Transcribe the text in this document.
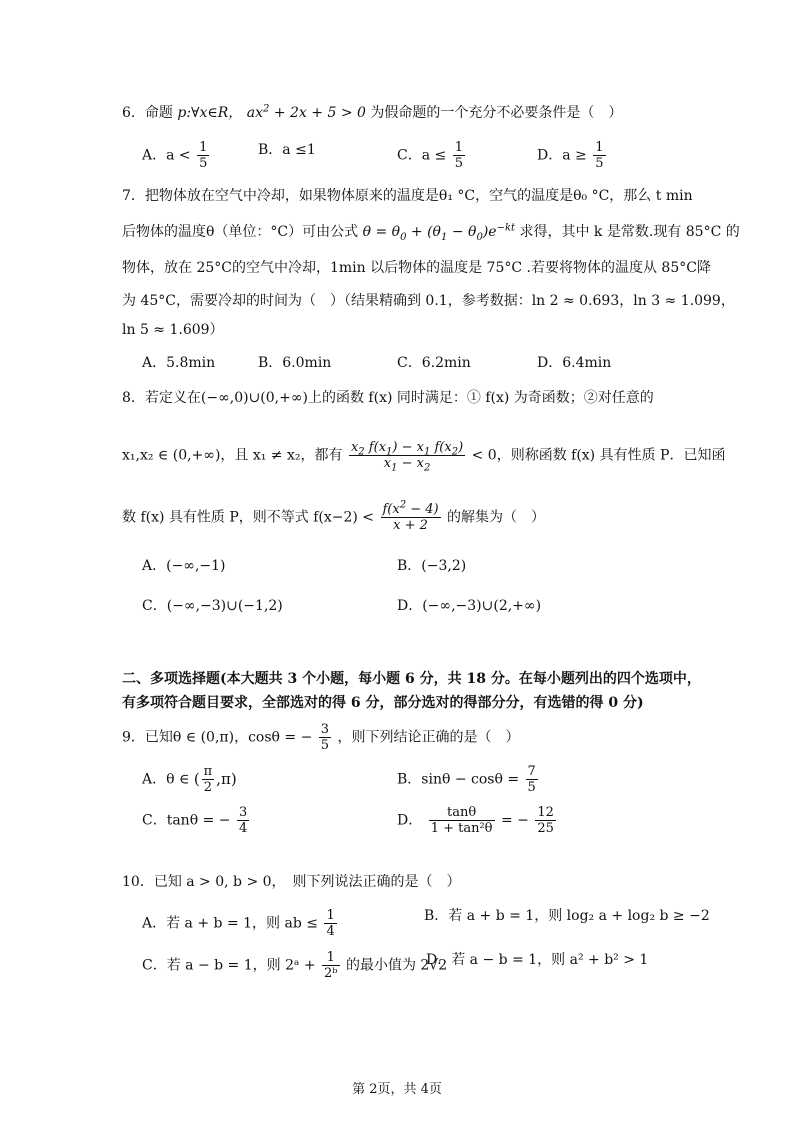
6．命题 p:∀x∈R， $ax^2 + 2x + 5 > 0$ 为假命题的一个充分不必要条件是（　）
A．$a < \frac{1}{5}$	B．a ≤1	C．$a \le \frac{1}{5}$	D．$a \ge \frac{1}{5}$
7．把物体放在空气中冷却，如果物体原来的温度是θ₁ °C，空气的温度是θ₀ °C，那么 t min
后物体的温度θ（单位：°C）可由公式 $\theta = \theta_0 + (\theta_1 - \theta_0)e^{-kt}$ 求得，其中 k 是常数.现有 85°C 的
物体，放在 25°C的空气中冷却，1min 以后物体的温度是 75°C .若要将物体的温度从 85°C降
为 45°C，需要冷却的时间为（　）（结果精确到 0.1，参考数据：ln 2 ≈ 0.693，ln 3 ≈ 1.099，
ln 5 ≈ 1.609）
A．5.8min	B．6.0min	C．6.2min	D．6.4min
8．若定义在(−∞,0)∪(0,+∞)上的函数 f(x) 同时满足：① f(x) 为奇函数；②对任意的
x₁,x₂ ∈ (0,+∞)，且 x₁ ≠ x₂，都有 $\frac{x_2 f(x_1) - x_1 f(x_2)}{x_1 - x_2} < 0$，则称函数 f(x) 具有性质 P．已知函
数 f(x) 具有性质 P，则不等式 $f(x-2) < \frac{f(x^2 - 4)}{x + 2}$ 的解集为（　）
A．(−∞,−1)	B．(−3,2)
C．(−∞,−3)∪(−1,2)	D．(−∞,−3)∪(2,+∞)
二、多项选择题(本大题共 3 个小题，每小题 6 分，共 18 分。在每小题列出的四个选项中，
有多项符合题目要求，全部选对的得 6 分，部分选对的得部分分，有选错的得 0 分)
9．已知θ ∈ (0,π)，cosθ = − $\frac{3}{5}$ ，则下列结论正确的是（　）
A．θ ∈ ( $\frac{\pi}{2} ,\pi$)	B．$\sin\theta - \cos\theta = \frac{7}{5}$
C．tanθ = − $\frac{3}{4}$	D． $\frac{\tan\theta}{\text{1 + tan²θ}}$ = − $\frac{12}{25}$
10．已知 a > 0, b > 0，　则下列说法正确的是（　）
A．若 a + b = 1，则 ab ≤ $\frac{1}{4}$	B．若 a + b = 1，则 log₂ a + log₂ b ≥ −2
C．若 a − b = 1，则 2ᵃ + $\frac{1}{\text{2ᵇ}}$ 的最小值为 2√2
D．若 a − b = 1，则 a² + b² > 1
第 2页，共 4页
